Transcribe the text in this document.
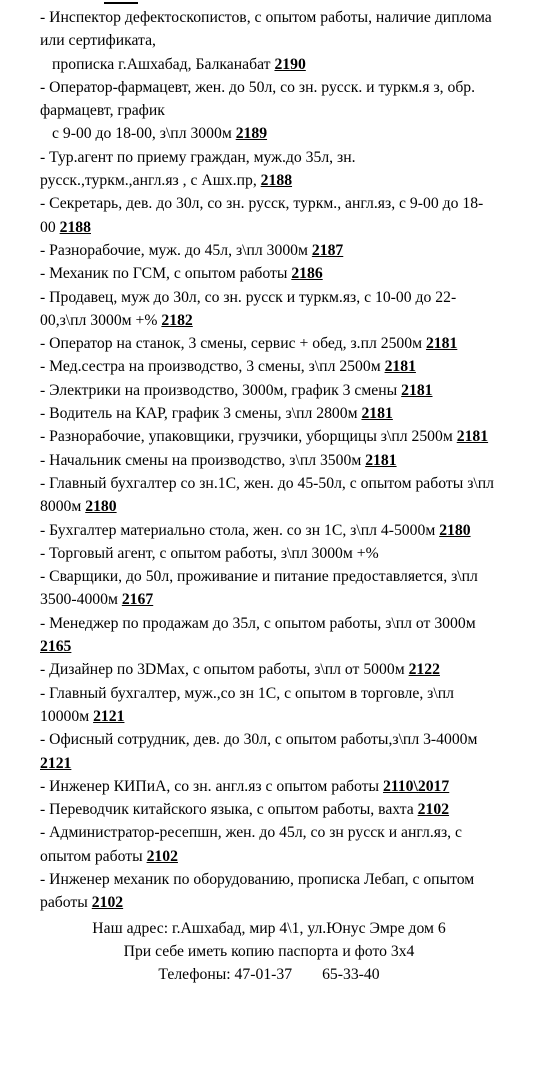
- Инспектор дефектоскопистов, с опытом работы, наличие диплома или сертификата,
прописка г.Ашхабад, Балканабат 2190
- Оператор-фармацевт, жен. до 50л, со зн. русск. и туркм.я з, обр. фармацевт, график
с 9-00 до 18-00, з\пл 3000м 2189
- Тур.агент по приему граждан, муж.до 35л, зн. русск.,туркм.,англ.яз , с Ашх.пр, 2188
- Секретарь, дев. до 30л, со зн. русск, туркм., англ.яз, с 9-00 до 18-00 2188
- Разнорабочие, муж. до 45л, з\пл 3000м 2187
- Механик по ГСМ, с опытом работы 2186
- Продавец, муж до 30л, со зн. русск и туркм.яз, с 10-00 до 22-00,з\пл 3000м +% 2182
- Оператор на станок, 3 смены, сервис + обед, з.пл 2500м 2181
- Мед.сестра на производство, 3 смены, з\пл 2500м 2181
- Электрики на производство, 3000м, график 3 смены 2181
- Водитель на КАР, график 3 смены, з\пл 2800м 2181
- Разнорабочие, упаковщики, грузчики, уборщицы з\пл 2500м 2181
- Начальник смены на производство, з\пл 3500м 2181
- Главный бухгалтер со зн.1С, жен. до 45-50л, с опытом работы з\пл 8000м 2180
- Бухгалтер материально стола, жен. со зн 1С, з\пл 4-5000м 2180
- Торговый агент, с опытом работы, з\пл 3000м +%
- Сварщики, до 50л, проживание и питание предоставляется, з\пл 3500-4000м 2167
- Менеджер по продажам до 35л, с опытом работы, з\пл от 3000м 2165
- Дизайнер по 3DMax, с опытом работы, з\пл от 5000м 2122
- Главный бухгалтер, муж.,со зн 1С, с опытом в торговле, з\пл 10000м 2121
- Офисный сотрудник, дев. до 30л, с опытом работы,з\пл 3-4000м 2121
- Инженер КИПиА, со зн. англ.яз с опытом работы 2110\2017
- Переводчик китайского языка, с опытом работы, вахта 2102
- Администратор-ресепшн, жен. до 45л, со зн русск и англ.яз, с опытом работы 2102
- Инженер механик по оборудованию, прописка Лебап, с опытом работы 2102
Наш адрес: г.Ашхабад, мир 4\1, ул.Юнус Эмре дом 6
При себе иметь копию паспорта и фото 3х4
Телефоны: 47-01-37 65-33-40
